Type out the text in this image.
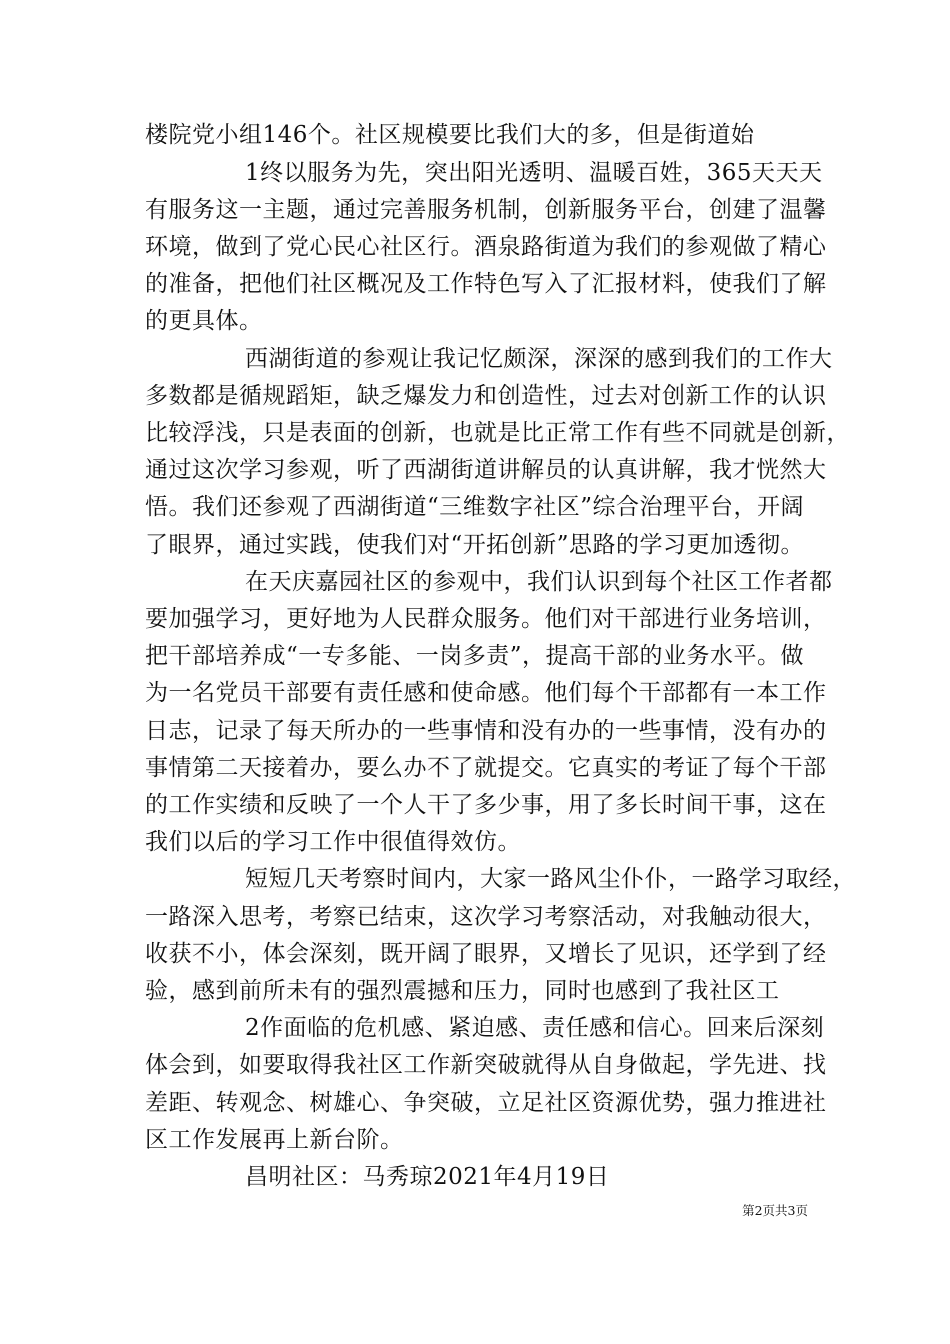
楼院党小组146个。社区规模要比我们大的多，但是街道始
1终以服务为先，突出阳光透明、温暖百姓，365天天天
有服务这一主题，通过完善服务机制，创新服务平台，创建了温馨
环境，做到了党心民心社区行。酒泉路街道为我们的参观做了精心
的准备，把他们社区概况及工作特色写入了汇报材料，使我们了解
的更具体。
西湖街道的参观让我记忆颇深，深深的感到我们的工作大
多数都是循规蹈矩，缺乏爆发力和创造性，过去对创新工作的认识
比较浮浅，只是表面的创新，也就是比正常工作有些不同就是创新，
通过这次学习参观，听了西湖街道讲解员的认真讲解，我才恍然大
悟。我们还参观了西湖街道“三维数字社区”综合治理平台，开阔
了眼界，通过实践，使我们对“开拓创新”思路的学习更加透彻。
在天庆嘉园社区的参观中，我们认识到每个社区工作者都
要加强学习，更好地为人民群众服务。他们对干部进行业务培训，
把干部培养成“一专多能、一岗多责”，提高干部的业务水平。做
为一名党员干部要有责任感和使命感。他们每个干部都有一本工作
日志，记录了每天所办的一些事情和没有办的一些事情，没有办的
事情第二天接着办，要么办不了就提交。它真实的考证了每个干部
的工作实绩和反映了一个人干了多少事，用了多长时间干事，这在
我们以后的学习工作中很值得效仿。
短短几天考察时间内，大家一路风尘仆仆，一路学习取经，
一路深入思考，考察已结束，这次学习考察活动，对我触动很大，
收获不小，体会深刻，既开阔了眼界，又增长了见识，还学到了经
验，感到前所未有的强烈震撼和压力，同时也感到了我社区工
2作面临的危机感、紧迫感、责任感和信心。回来后深刻
体会到，如要取得我社区工作新突破就得从自身做起，学先进、找
差距、转观念、树雄心、争突破，立足社区资源优势，强力推进社
区工作发展再上新台阶。
昌明社区：马秀琼2021年4月19日
第2页共3页
